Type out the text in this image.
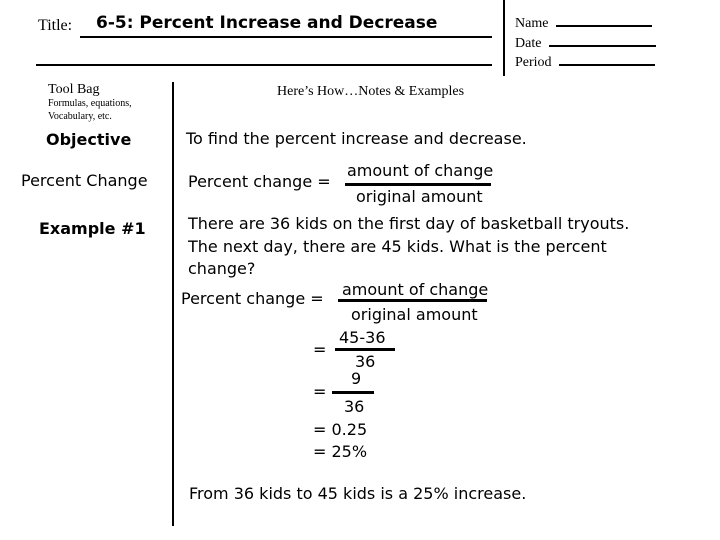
Title: 6-5: Percent Increase and Decrease	Name
Date
Period
Tool Bag
Formulas, equations,
Vocabulary, etc.
Objective
Percent Change
Example #1
Here’s How…Notes & Examples
To find the percent increase and decrease.
Percent change =
amount of change
original amount
There are 36 kids on the first day of basketball tryouts.
The next day, there are 45 kids. What is the percent
change?
Percent change = amount of change
original amount
=
45-36
36
=
9
36
= 0.25
= 25%
From 36 kids to 45 kids is a 25% increase.
